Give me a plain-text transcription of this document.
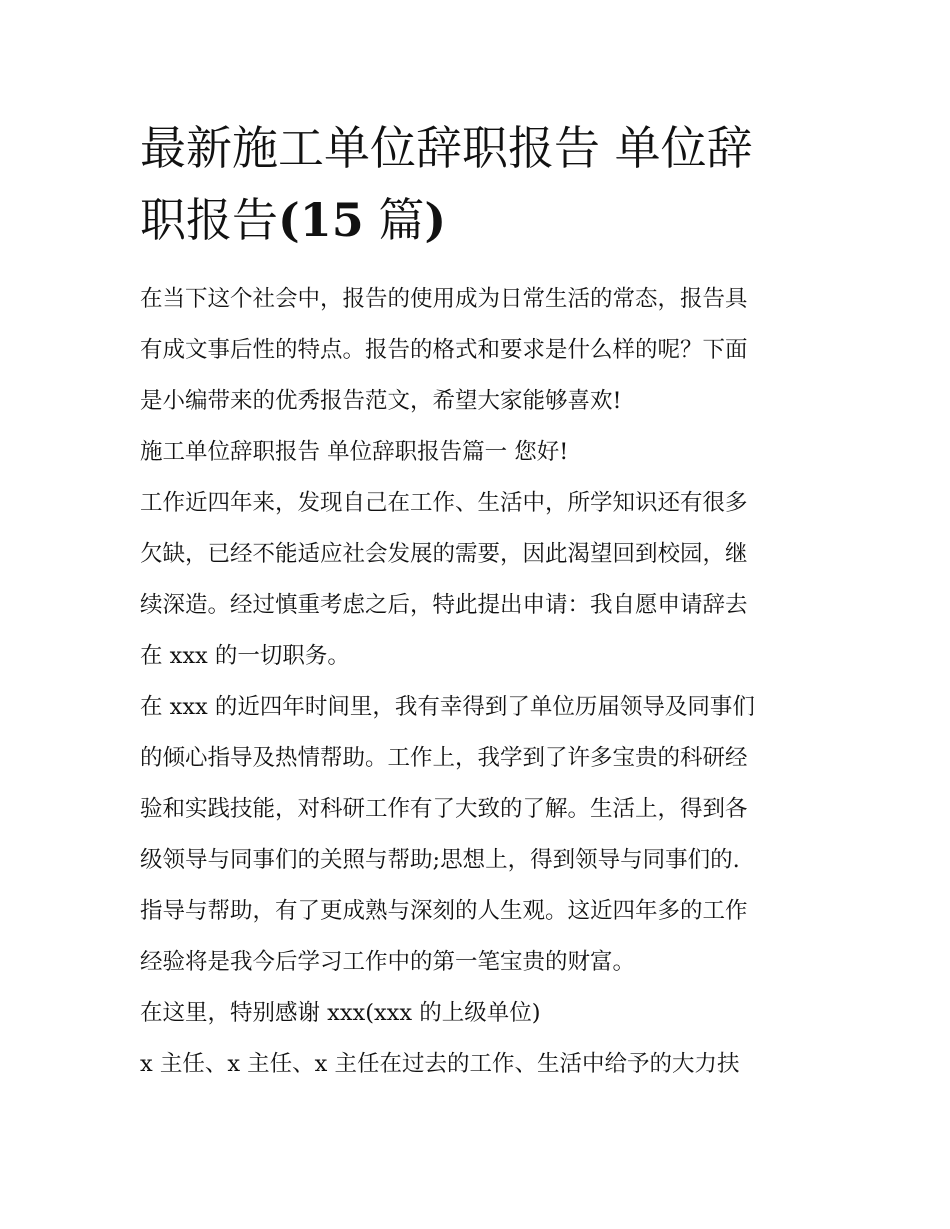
最新施工单位辞职报告 单位辞
职报告(15 篇)

在当下这个社会中，报告的使用成为日常生活的常态，报告具
有成文事后性的特点。报告的格式和要求是什么样的呢？下面
是小编带来的优秀报告范文，希望大家能够喜欢!

施工单位辞职报告 单位辞职报告篇一 您好!

工作近四年来，发现自己在工作、生活中，所学知识还有很多
欠缺，已经不能适应社会发展的需要，因此渴望回到校园，继
续深造。经过慎重考虑之后，特此提出申请：我自愿申请辞去
在 xxx 的一切职务。

在 xxx 的近四年时间里，我有幸得到了单位历届领导及同事们
的倾心指导及热情帮助。工作上，我学到了许多宝贵的科研经
验和实践技能，对科研工作有了大致的了解。生活上，得到各
级领导与同事们的关照与帮助;思想上，得到领导与同事们的.
指导与帮助，有了更成熟与深刻的人生观。这近四年多的工作
经验将是我今后学习工作中的第一笔宝贵的财富。

在这里，特别感谢 xxx(xxx 的上级单位)

x 主任、x 主任、x 主任在过去的工作、生活中给予的大力扶
